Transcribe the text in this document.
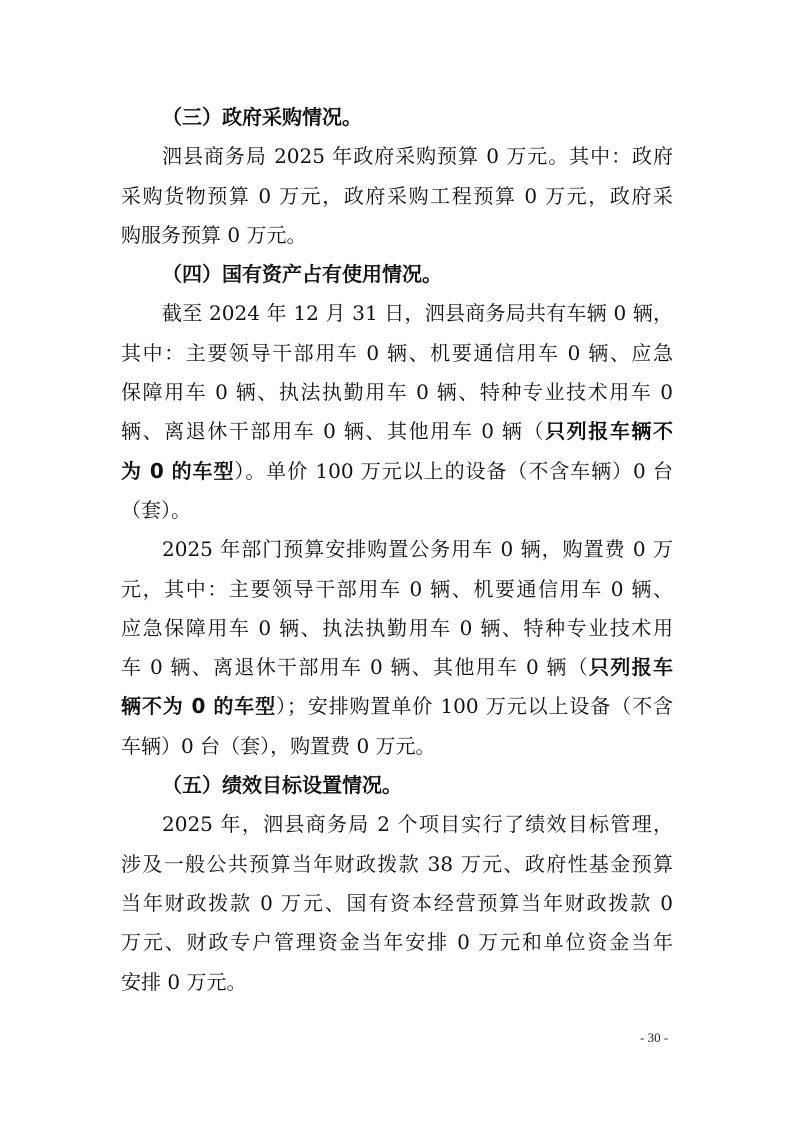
（三）政府采购情况。
泗县商务局 2025 年政府采购预算 0 万元。其中：政府
采购货物预算 0 万元，政府采购工程预算 0 万元，政府采
购服务预算 0 万元。
（四）国有资产占有使用情况。
截至 2024 年 12 月 31 日，泗县商务局共有车辆 0 辆，
其中：主要领导干部用车 0 辆、机要通信用车 0 辆、应急
保障用车 0 辆、执法执勤用车 0 辆、特种专业技术用车 0
辆、离退休干部用车 0 辆、其他用车 0 辆（只列报车辆不
为 0 的车型）。单价 100 万元以上的设备（不含车辆）0 台
（套）。
2025 年部门预算安排购置公务用车 0 辆，购置费 0 万
元，其中：主要领导干部用车 0 辆、机要通信用车 0 辆、
应急保障用车 0 辆、执法执勤用车 0 辆、特种专业技术用
车 0 辆、离退休干部用车 0 辆、其他用车 0 辆（只列报车
辆不为 0 的车型）；安排购置单价 100 万元以上设备（不含
车辆）0 台（套），购置费 0 万元。
（五）绩效目标设置情况。
2025 年，泗县商务局 2 个项目实行了绩效目标管理，
涉及一般公共预算当年财政拨款 38 万元、政府性基金预算
当年财政拨款 0 万元、国有资本经营预算当年财政拨款 0
万元、财政专户管理资金当年安排 0 万元和单位资金当年
安排 0 万元。
- 30 -
